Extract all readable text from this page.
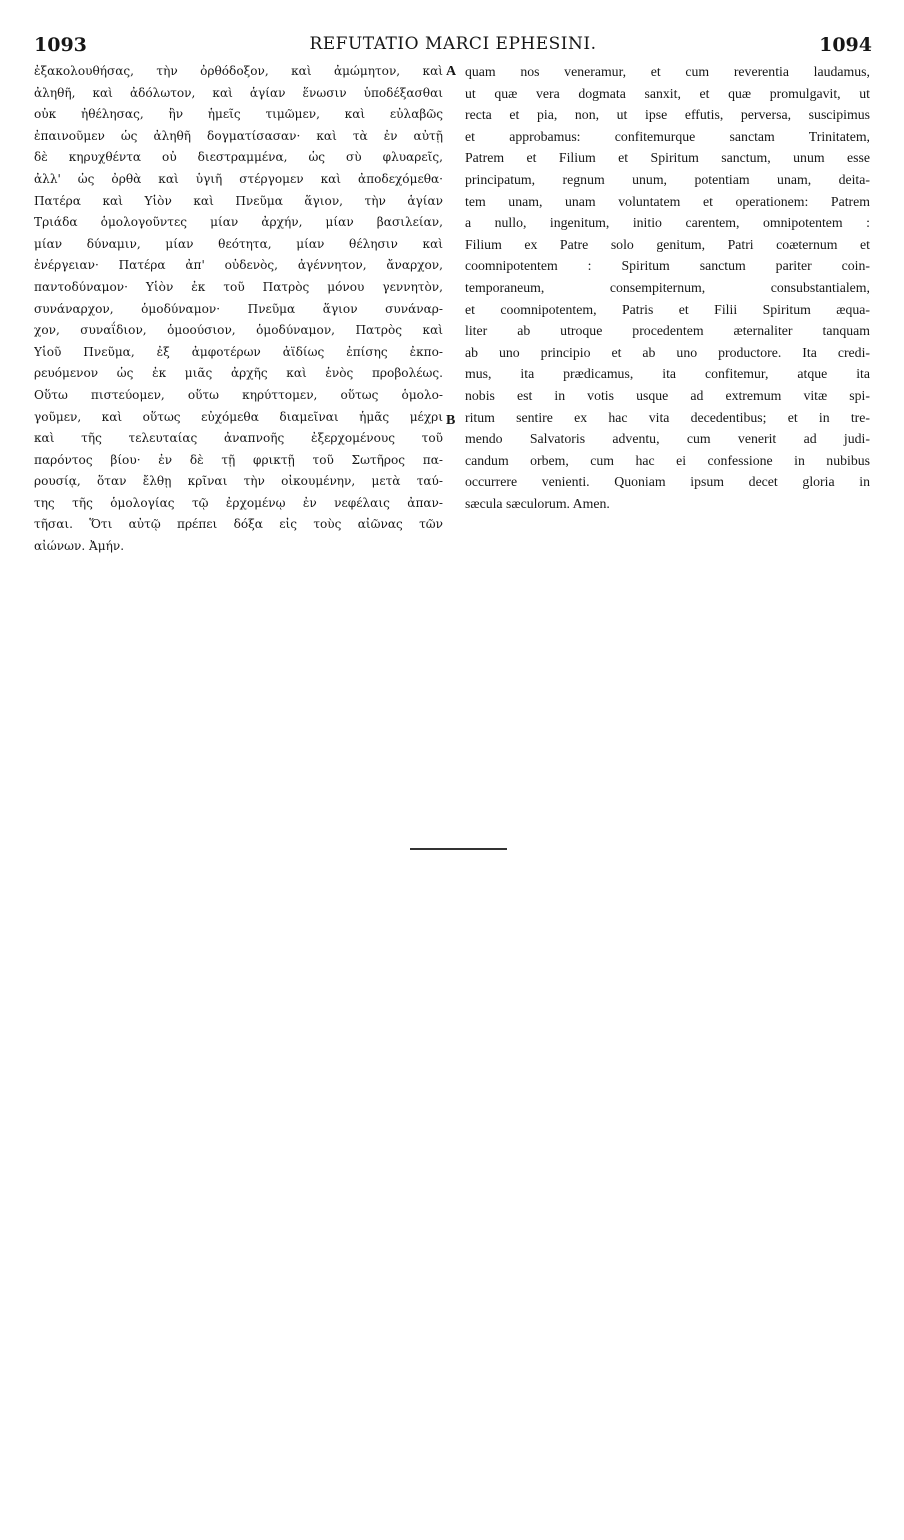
1093	REFUTATIO MARCI EPHESINI.	1094
ἐξακολουθήσας, τὴν ὀρθόδοξον, καὶ ἀμώμητον, καὶ
ἀληθῆ, καὶ ἀδόλωτον, καὶ ἁγίαν ἕνωσιν ὑποδέξασθαι
οὐκ ἠθέλησας, ἣν ἡμεῖς τιμῶμεν, καὶ εὐλαβῶς
ἐπαινοῦμεν ὡς ἀληθῆ δογματίσασαν· καὶ τὰ ἐν αὐτῇ
δὲ κηρυχθέντα οὐ διεστραμμένα, ὡς σὺ φλυαρεῖς,
ἀλλ' ὡς ὀρθὰ καὶ ὑγιῆ στέργομεν καὶ ἀποδεχόμεθα·
Πατέρα καὶ Υἱὸν καὶ Πνεῦμα ἅγιον, τὴν ἁγίαν
Τριάδα ὁμολογοῦντες μίαν ἀρχήν, μίαν βασιλείαν,
μίαν δύναμιν, μίαν θεότητα, μίαν θέλησιν καὶ
ἐνέργειαν· Πατέρα ἀπ' οὐδενὸς, ἀγέννητον, ἄναρχον,
παντοδύναμον· Υἱὸν ἐκ τοῦ Πατρὸς μόνου γεννητὸν,
συνάναρχον, ὁμοδύναμον· Πνεῦμα ἅγιον συνάναρ-
χον, συναΐδιον, ὁμοούσιον, ὁμοδύναμον, Πατρὸς καὶ
Υἱοῦ Πνεῦμα, ἐξ ἀμφοτέρων ἀϊδίως ἐπίσης ἐκπο-
ρευόμενον ὡς ἐκ μιᾶς ἀρχῆς καὶ ἑνὸς προβολέως.
Οὕτω πιστεύομεν, οὕτω κηρύττομεν, οὕτως ὁμολο-
γοῦμεν, καὶ οὕτως εὐχόμεθα διαμεῖναι ἡμᾶς μέχρι
καὶ τῆς τελευταίας ἀναπνοῆς ἐξερχομένους τοῦ
παρόντος βίου· ἐν δὲ τῇ φρικτῇ τοῦ Σωτῆρος πα-
ρουσίᾳ, ὅταν ἔλθῃ κρῖναι τὴν οἰκουμένην, μετὰ ταύ-
της τῆς ὁμολογίας τῷ ἐρχομένῳ ἐν νεφέλαις ἀπαν-
τῆσαι. Ὅτι αὐτῷ πρέπει δόξα εἰς τοὺς αἰῶνας τῶν
αἰώνων. Ἀμήν.
quam nos veneramur, et cum reverentia laudamus,
ut quæ vera dogmata sanxit, et quæ promulgavit, ut
recta et pia, non, ut ipse effutis, perversa, suscipimus
et approbamus: confitemurque sanctam Trinitatem,
Patrem et Filium et Spiritum sanctum, unum esse
principatum, regnum unum, potentiam unam, deita-
tem unam, unam voluntatem et operationem: Patrem
a nullo, ingenitum, initio carentem, omnipotentem :
Filium ex Patre solo genitum, Patri coæternum et
coomnipotentem : Spiritum sanctum pariter coin-
temporaneum, consempiternum, consubstantialem,
et coomnipotentem, Patris et Filii Spiritum æqua-
liter ab utroque procedentem æternaliter tanquam
ab uno principio et ab uno productore. Ita credi-
mus, ita prædicamus, ita confitemur, atque ita
nobis est in votis usque ad extremum vitæ spi-
ritum sentire ex hac vita decedentibus; et in tre-
mendo Salvatoris adventu, cum venerit ad judi-
candum orbem, cum hac ei confessione in nubibus
occurrere venienti. Quoniam ipsum decet gloria in
sæcula sæculorum. Amen.
A
B
